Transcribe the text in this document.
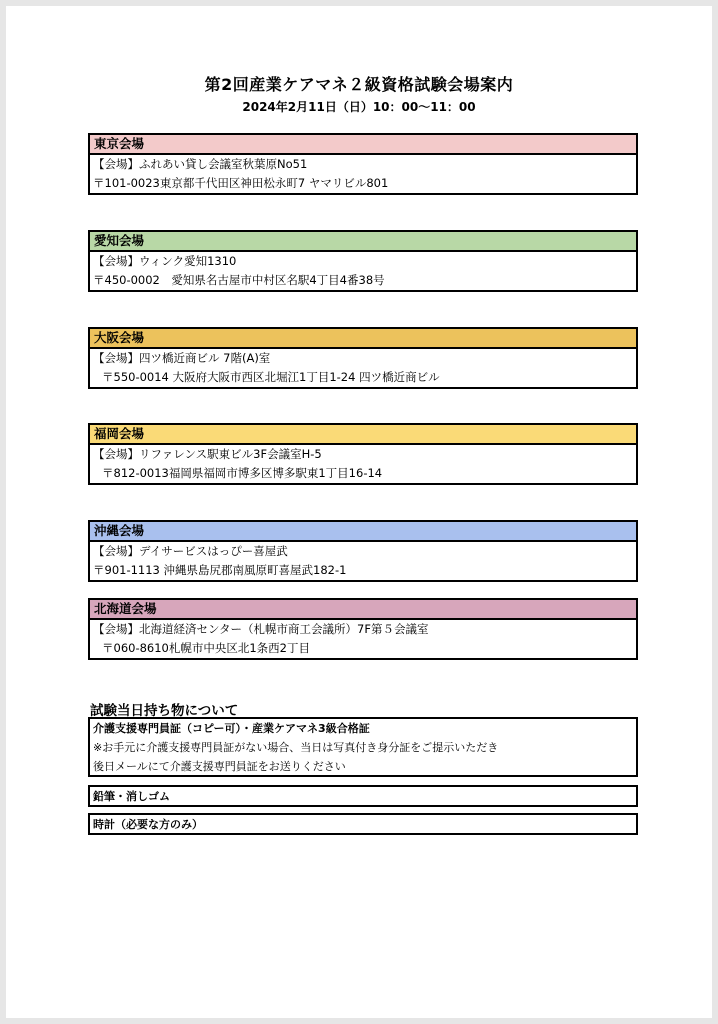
第2回産業ケアマネ２級資格試験会場案内
2024年2月11日（日）10：00～11：00
東京会場
【会場】ふれあい貸し会議室秋葉原No51
〒101-0023東京都千代田区神田松永町7 ヤマリビル801
愛知会場
【会場】ウィンク愛知1310
〒450-0002　愛知県名古屋市中村区名駅4丁目4番38号
大阪会場
【会場】四ツ橋近商ビル 7階(A)室
〒550-0014 大阪府大阪市西区北堀江1丁目1-24 四ツ橋近商ビル
福岡会場
【会場】リファレンス駅東ビル3F会議室H-5
〒812-0013福岡県福岡市博多区博多駅東1丁目16-14
沖縄会場
【会場】デイサービスはっぴー喜屋武
〒901-1113 沖縄県島尻郡南風原町喜屋武182-1
北海道会場
【会場】北海道経済センター（札幌市商工会議所）7F第５会議室
〒060-8610札幌市中央区北1条西2丁目
試験当日持ち物について
介護支援専門員証（コピー可）・産業ケアマネ3級合格証
※お手元に介護支援専門員証がない場合、当日は写真付き身分証をご提示いただき
後日メールにて介護支援専門員証をお送りください
鉛筆・消しゴム
時計（必要な方のみ）
